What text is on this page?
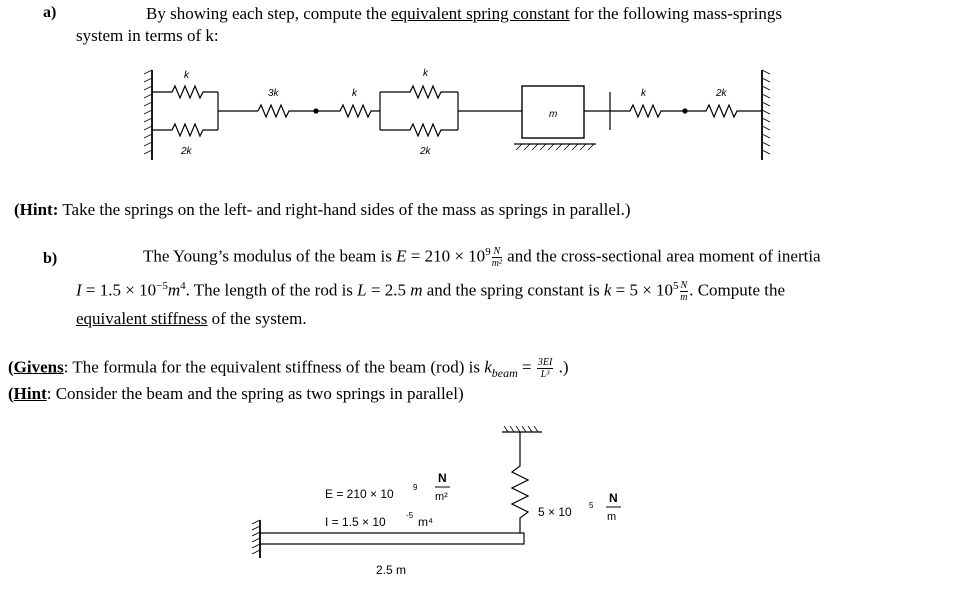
a)	By showing each step, compute the equivalent spring constant for the following mass-springs
system in terms of k:
k
2k
3k	k
k
2k
m
k	2k
(Hint: Take the springs on the left- and right-hand sides of the mass as springs in parallel.)
b)	The Young’s modulus of the beam is $E = 210 \times 10^9 \frac{N}{\text{m²}}$ and the cross-sectional area moment of inertia
$I = 1.5 \times 10^{-5}m^4$. The length of the rod is L = 2.5 m and the spring constant is $k = 5 \times 10^5 \frac{N}{m}$ . Compute the
equivalent stiffness of the system.
(Givens: The formula for the equivalent stiffness of the beam (rod) is $k_{beam} = \frac{3EI}{\text{L³}}$ .)
(Hint: Consider the beam and the spring as two springs in parallel)
E = 210 × 10 9
N
m²
I = 1.5 × 10	-5 m⁴
2.5 m
5 × 10 5
N
m
